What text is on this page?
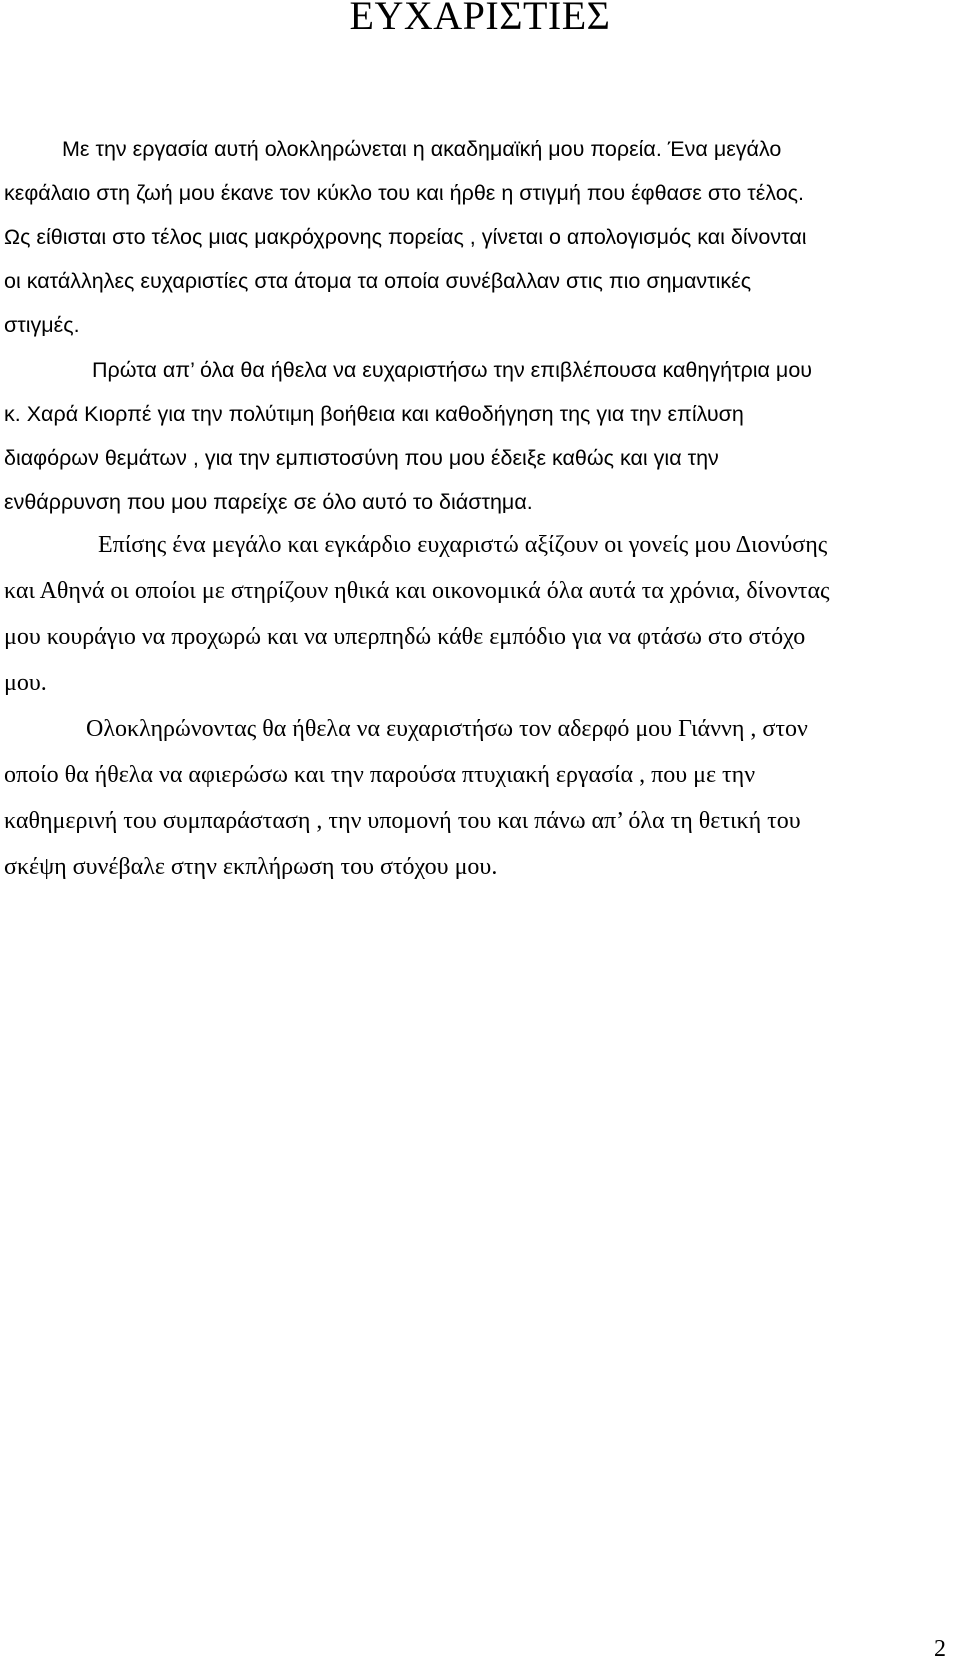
ΕΥΧΑΡΙΣΤΙΕΣ

Με την εργασία αυτή ολοκληρώνεται η ακαδημαϊκή μου πορεία. Ένα μεγάλο

κεφάλαιο στη ζωή μου έκανε τον κύκλο του και ήρθε η στιγμή που έφθασε στο τέλος.

Ως είθισται στο τέλος μιας μακρόχρονης πορείας , γίνεται ο απολογισμός και δίνονται

οι κατάλληλες ευχαριστίες στα άτομα τα οποία συνέβαλλαν στις πιο σημαντικές

στιγμές.

Πρώτα απ’ όλα θα ήθελα να ευχαριστήσω την επιβλέπουσα καθηγήτρια μου

κ. Χαρά Κιορπέ για την πολύτιμη βοήθεια και καθοδήγηση της για την επίλυση

διαφόρων θεμάτων , για την εμπιστοσύνη που μου έδειξε καθώς και για την

ενθάρρυνση που μου παρείχε σε όλο αυτό το διάστημα.

Επίσης ένα μεγάλο και εγκάρδιο ευχαριστώ αξίζουν οι γονείς μου Διονύσης

και Αθηνά οι οποίοι με στηρίζουν ηθικά και οικονομικά όλα αυτά τα χρόνια, δίνοντας

μου κουράγιο να προχωρώ και να υπερπηδώ κάθε εμπόδιο για να φτάσω στο στόχο

μου.

Ολοκληρώνοντας θα ήθελα να ευχαριστήσω τον αδερφό μου Γιάννη , στον

οποίο θα ήθελα να αφιερώσω και την παρούσα πτυχιακή εργασία , που με την

καθημερινή του συμπαράσταση , την υπομονή του και πάνω απ’ όλα τη θετική του

σκέψη συνέβαλε στην εκπλήρωση του στόχου μου.

2
